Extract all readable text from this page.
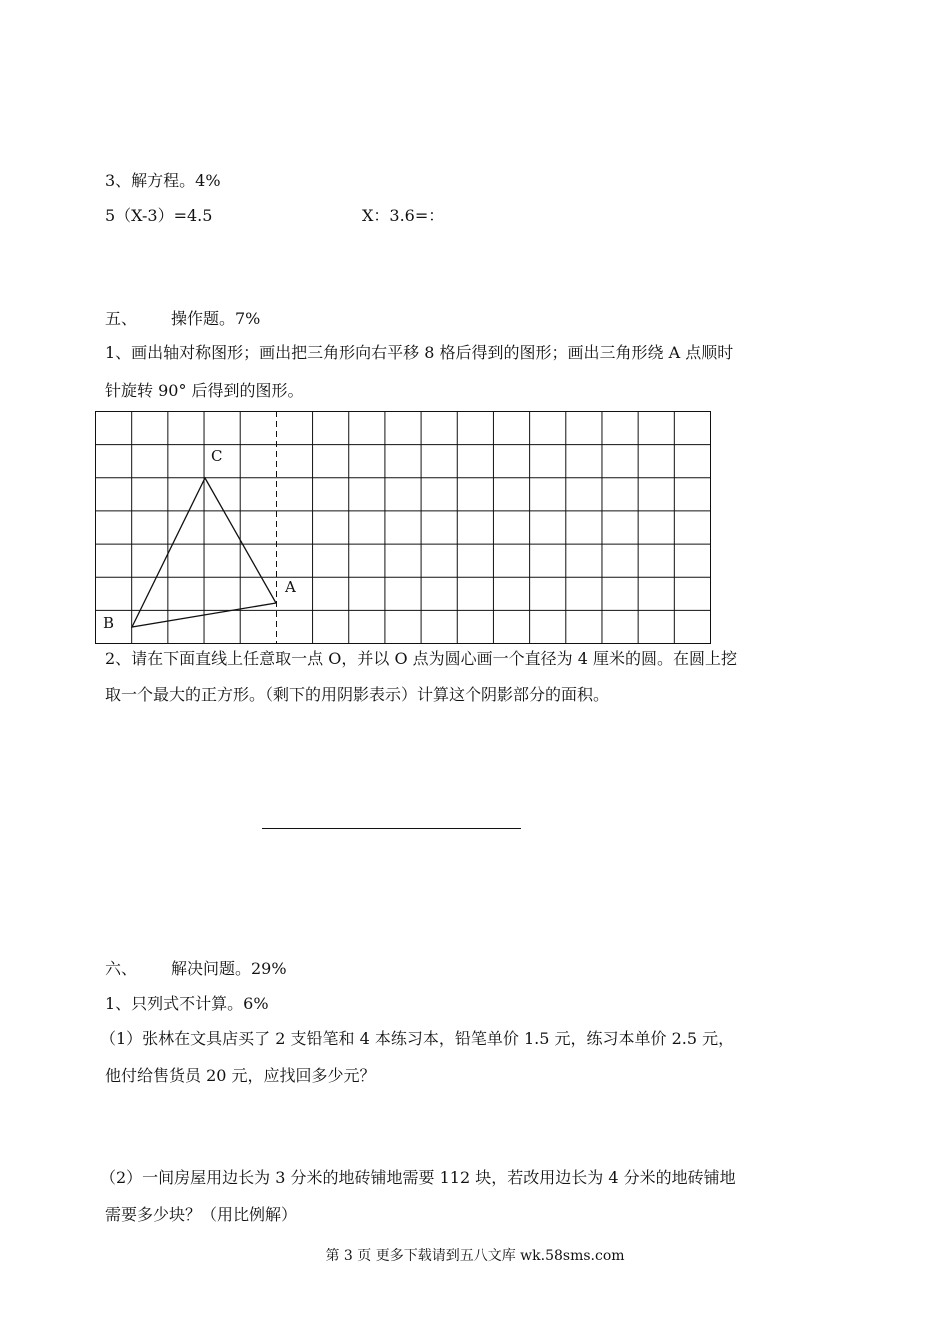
3、解方程。4%
5（X-3）=4.5	X：3.6=：
五、 操作题。7%
1、画出轴对称图形；画出把三角形向右平移 8 格后得到的图形；画出三角形绕 A 点顺时
针旋转 90° 后得到的图形。
C
A
B
2、请在下面直线上任意取一点 O，并以 O 点为圆心画一个直径为 4 厘米的圆。在圆上挖
取一个最大的正方形。（剩下的用阴影表示）计算这个阴影部分的面积。
六、 解决问题。29%
1、只列式不计算。6%
（1）张林在文具店买了 2 支铅笔和 4 本练习本，铅笔单价 1.5 元，练习本单价 2.5 元，
他付给售货员 20 元，应找回多少元？
（2）一间房屋用边长为 3 分米的地砖铺地需要 112 块，若改用边长为 4 分米的地砖铺地
需要多少块？（用比例解）
第 3 页 更多下载请到五八文库 wk.58sms.com
